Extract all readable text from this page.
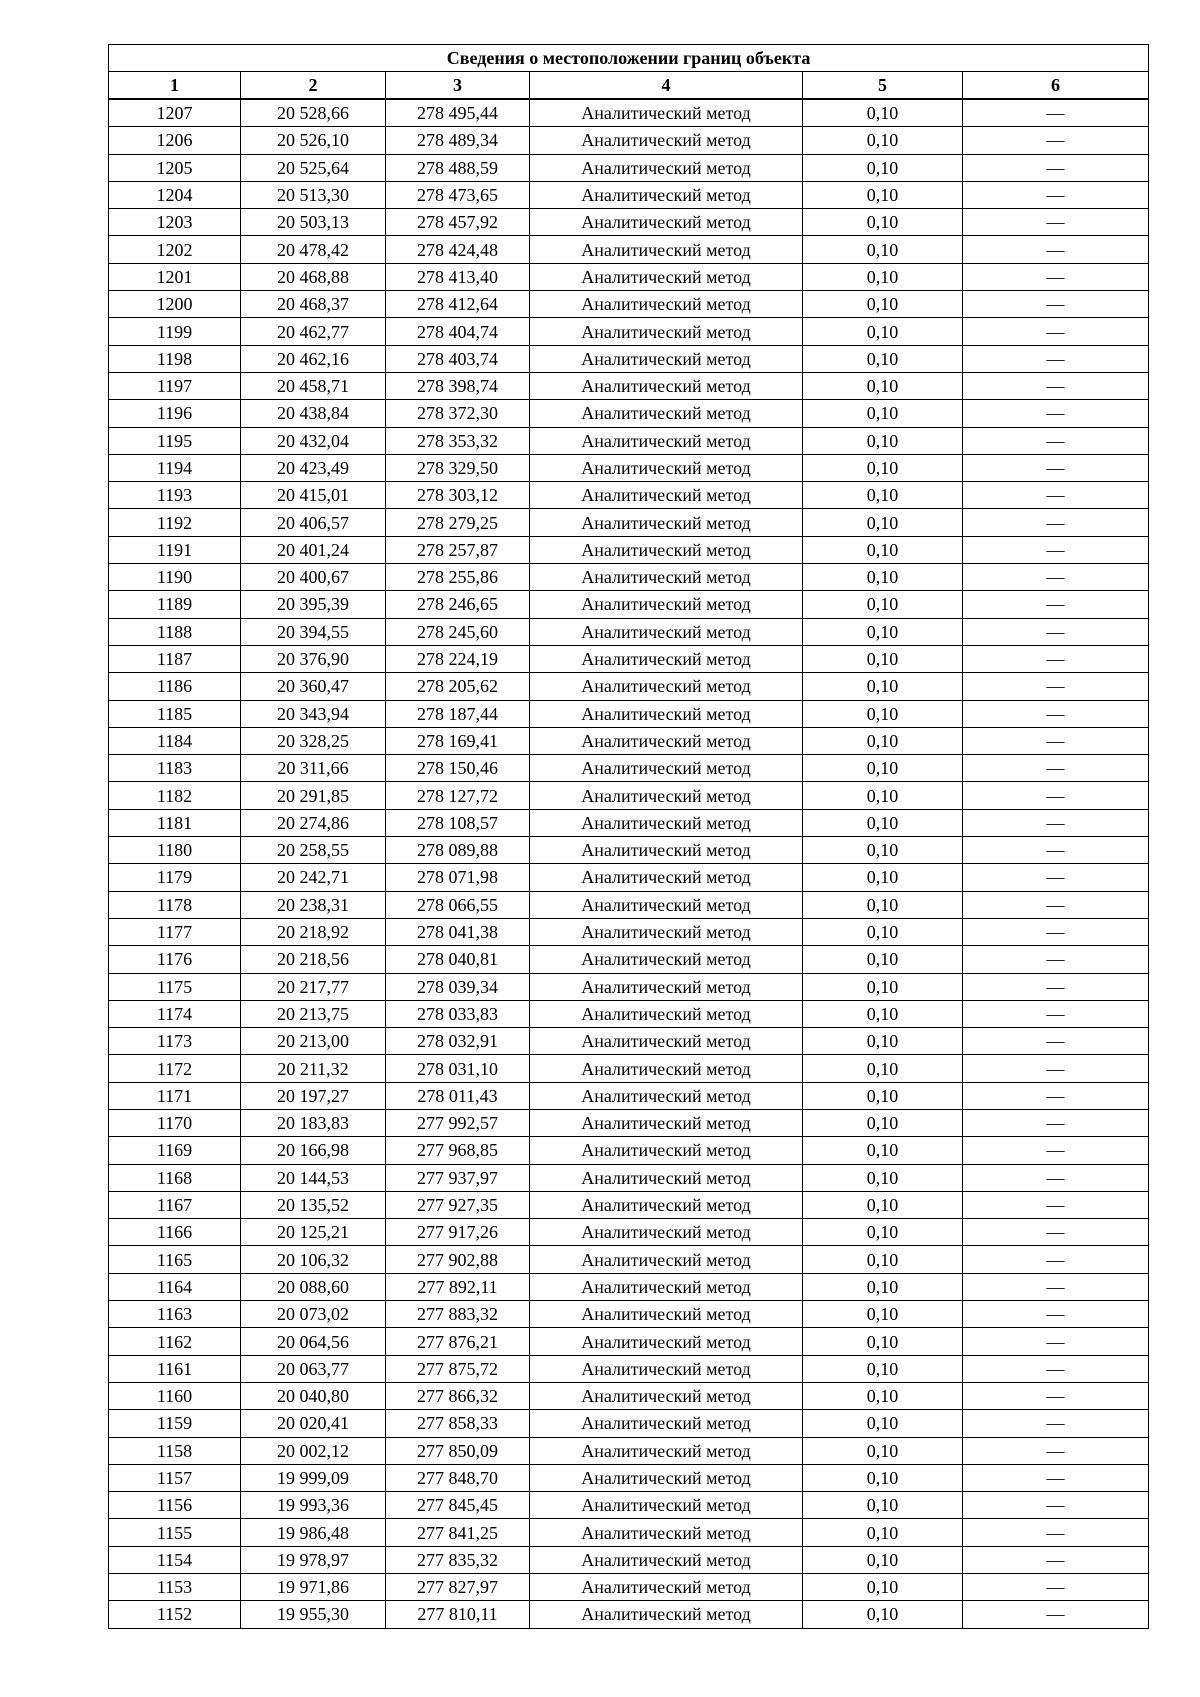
Сведения о местоположении границ объекта					
1	2	3	4	5	6
1207	20 528,66	278 495,44	Аналитический метод	0,10	—
1206	20 526,10	278 489,34	Аналитический метод	0,10	—
1205	20 525,64	278 488,59	Аналитический метод	0,10	—
1204	20 513,30	278 473,65	Аналитический метод	0,10	—
1203	20 503,13	278 457,92	Аналитический метод	0,10	—
1202	20 478,42	278 424,48	Аналитический метод	0,10	—
1201	20 468,88	278 413,40	Аналитический метод	0,10	—
1200	20 468,37	278 412,64	Аналитический метод	0,10	—
1199	20 462,77	278 404,74	Аналитический метод	0,10	—
1198	20 462,16	278 403,74	Аналитический метод	0,10	—
1197	20 458,71	278 398,74	Аналитический метод	0,10	—
1196	20 438,84	278 372,30	Аналитический метод	0,10	—
1195	20 432,04	278 353,32	Аналитический метод	0,10	—
1194	20 423,49	278 329,50	Аналитический метод	0,10	—
1193	20 415,01	278 303,12	Аналитический метод	0,10	—
1192	20 406,57	278 279,25	Аналитический метод	0,10	—
1191	20 401,24	278 257,87	Аналитический метод	0,10	—
1190	20 400,67	278 255,86	Аналитический метод	0,10	—
1189	20 395,39	278 246,65	Аналитический метод	0,10	—
1188	20 394,55	278 245,60	Аналитический метод	0,10	—
1187	20 376,90	278 224,19	Аналитический метод	0,10	—
1186	20 360,47	278 205,62	Аналитический метод	0,10	—
1185	20 343,94	278 187,44	Аналитический метод	0,10	—
1184	20 328,25	278 169,41	Аналитический метод	0,10	—
1183	20 311,66	278 150,46	Аналитический метод	0,10	—
1182	20 291,85	278 127,72	Аналитический метод	0,10	—
1181	20 274,86	278 108,57	Аналитический метод	0,10	—
1180	20 258,55	278 089,88	Аналитический метод	0,10	—
1179	20 242,71	278 071,98	Аналитический метод	0,10	—
1178	20 238,31	278 066,55	Аналитический метод	0,10	—
1177	20 218,92	278 041,38	Аналитический метод	0,10	—
1176	20 218,56	278 040,81	Аналитический метод	0,10	—
1175	20 217,77	278 039,34	Аналитический метод	0,10	—
1174	20 213,75	278 033,83	Аналитический метод	0,10	—
1173	20 213,00	278 032,91	Аналитический метод	0,10	—
1172	20 211,32	278 031,10	Аналитический метод	0,10	—
1171	20 197,27	278 011,43	Аналитический метод	0,10	—
1170	20 183,83	277 992,57	Аналитический метод	0,10	—
1169	20 166,98	277 968,85	Аналитический метод	0,10	—
1168	20 144,53	277 937,97	Аналитический метод	0,10	—
1167	20 135,52	277 927,35	Аналитический метод	0,10	—
1166	20 125,21	277 917,26	Аналитический метод	0,10	—
1165	20 106,32	277 902,88	Аналитический метод	0,10	—
1164	20 088,60	277 892,11	Аналитический метод	0,10	—
1163	20 073,02	277 883,32	Аналитический метод	0,10	—
1162	20 064,56	277 876,21	Аналитический метод	0,10	—
1161	20 063,77	277 875,72	Аналитический метод	0,10	—
1160	20 040,80	277 866,32	Аналитический метод	0,10	—
1159	20 020,41	277 858,33	Аналитический метод	0,10	—
1158	20 002,12	277 850,09	Аналитический метод	0,10	—
1157	19 999,09	277 848,70	Аналитический метод	0,10	—
1156	19 993,36	277 845,45	Аналитический метод	0,10	—
1155	19 986,48	277 841,25	Аналитический метод	0,10	—
1154	19 978,97	277 835,32	Аналитический метод	0,10	—
1153	19 971,86	277 827,97	Аналитический метод	0,10	—
1152	19 955,30	277 810,11	Аналитический метод	0,10	—
